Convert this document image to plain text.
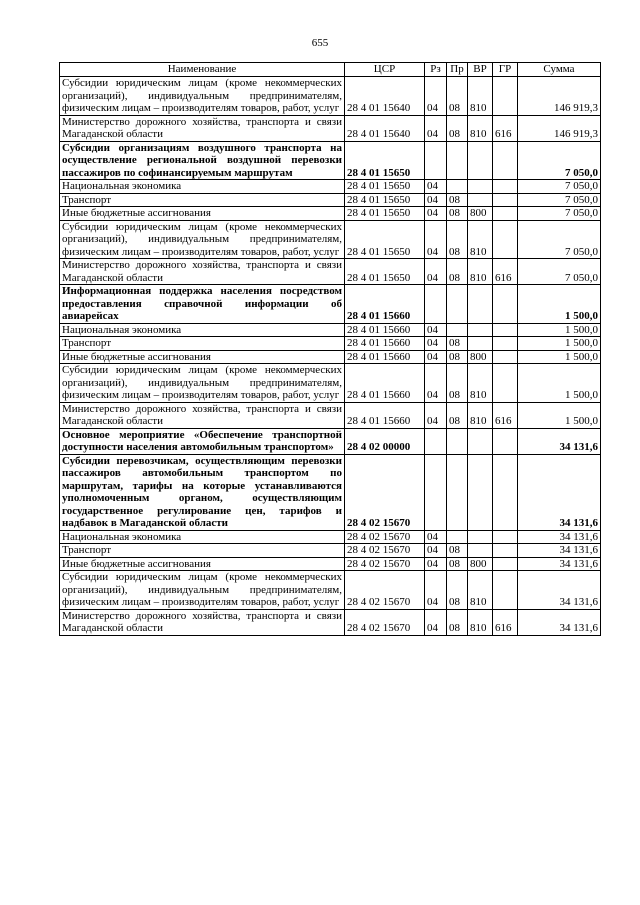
655
Наименование	ЦСР	Рз	Пр	ВР	ГР	Сумма
Субсидии юридическим лицам (кроме некоммерческих организаций), индивидуальным предпринимателям, физическим лицам – производителям товаров, работ, услуг	28 4 01 15640	04	08	810		146 919,3
Министерство дорожного хозяйства, транспорта и связи Магаданской области	28 4 01 15640	04	08	810	616	146 919,3
Субсидии организациям воздушного транспорта на осуществление региональной воздушной перевозки пассажиров по софинансируемым маршрутам	28 4 01 15650					7 050,0
Национальная экономика	28 4 01 15650	04				7 050,0
Транспорт	28 4 01 15650	04	08			7 050,0
Иные бюджетные ассигнования	28 4 01 15650	04	08	800		7 050,0
Субсидии юридическим лицам (кроме некоммерческих организаций), индивидуальным предпринимателям, физическим лицам – производителям товаров, работ, услуг	28 4 01 15650	04	08	810		7 050,0
Министерство дорожного хозяйства, транспорта и связи Магаданской области	28 4 01 15650	04	08	810	616	7 050,0
Информационная поддержка населения посредством предоставления справочной информации об авиарейсах	28 4 01 15660					1 500,0
Национальная экономика	28 4 01 15660	04				1 500,0
Транспорт	28 4 01 15660	04	08			1 500,0
Иные бюджетные ассигнования	28 4 01 15660	04	08	800		1 500,0
Субсидии юридическим лицам (кроме некоммерческих организаций), индивидуальным предпринимателям, физическим лицам – производителям товаров, работ, услуг	28 4 01 15660	04	08	810		1 500,0
Министерство дорожного хозяйства, транспорта и связи Магаданской области	28 4 01 15660	04	08	810	616	1 500,0
Основное мероприятие «Обеспечение транспортной доступности населения автомобильным транспортом»	28 4 02 00000					34 131,6
Субсидии перевозчикам, осуществляющим перевозки пассажиров автомобильным транспортом по маршрутам, тарифы на которые устанавливаются уполномоченным органом, осуществляющим государственное регулирование цен, тарифов и надбавок в Магаданской области	28 4 02 15670					34 131,6
Национальная экономика	28 4 02 15670	04				34 131,6
Транспорт	28 4 02 15670	04	08			34 131,6
Иные бюджетные ассигнования	28 4 02 15670	04	08	800		34 131,6
Субсидии юридическим лицам (кроме некоммерческих организаций), индивидуальным предпринимателям, физическим лицам – производителям товаров, работ, услуг	28 4 02 15670	04	08	810		34 131,6
Министерство дорожного хозяйства, транспорта и связи Магаданской области	28 4 02 15670	04	08	810	616	34 131,6
